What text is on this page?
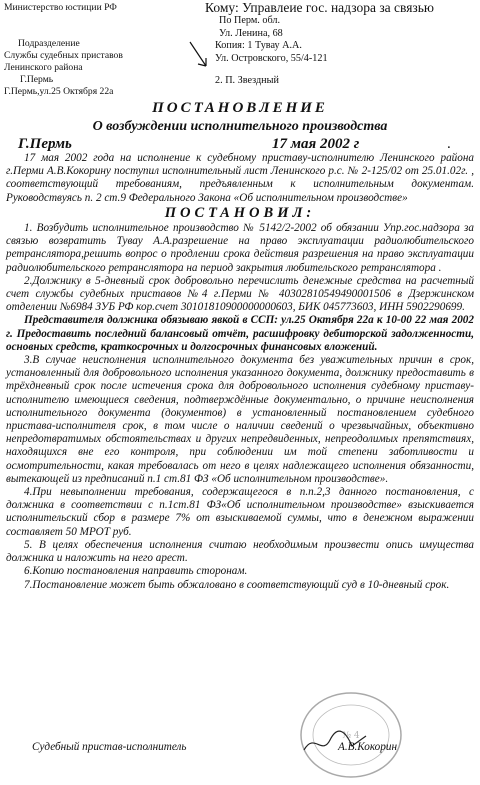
Министерство юстиции РФ
Подразделение
Службы судебных приставов
Ленинского района
Г.Пермь
Г.Пермь,ул.25 Октября 22а
Кому: Управлеие гос. надзора за связью
По Перм. обл.
Ул. Ленина, 68
Копия: 1 Тувау А.А.
Ул. Островского, 55/4-121
2. П. Звездный
ПОСТАНОВЛЕНИЕ
О возбуждении исполнительного производства
Г.Пермь	17 мая 2002 г	.

17 мая 2002 года на исполнение к судебному приставу-исполнителю Ленинского района г.Перми А.В.Кокорину поступил исполнительный лист Ленинского р.с. № 2-125/02 от 25.01.02г. , соответствующий требованиям, предъявленным к исполнительным документам. Руководствуясь п. 2 ст.9 Федерального Закона «Об исполнительном производстве»

ПОСТАНОВИЛ:

1. Возбудить исполнительное производство № 5142/2-2002 об обязании Упр.гос.надзора за связью возвратить Тувау А.А.разрешение на право эксплуатации радиолюбительского ретранслятора,решить вопрос о продлении срока действия разрешения на право эксплуатации радиолюбительского ретранслятора на период закрытия любительского ретранслятора .

2.Должнику в 5-дневный срок добровольно перечислить денежные средства на расчетный счет службы судебных приставов №4 г.Перми № 40302810549490001506 в Дзержинском отделении №6984 ЗУБ РФ кор.счет 30101810900000000603, БИК 045773603, ИНН 5902290699.

Представителя должника обязываю явкой в ССП: ул.25 Октября 22а к 10-00 22 мая 2002 г. Предоставить последний балансовый отчёт, расшифровку дебиторской задолженности, основных средств, краткосрочных и долгосрочных финансовых вложений.

3.В случае неисполнения исполнительного документа без уважительных причин в срок, установленный для добровольного исполнения указанного документа, должнику предоставить в трёхдневный срок после истечения срока для добровольного исполнения судебному приставу-исполнителю имеющиеся сведения, подтверждённые документально, о причине неисполнения исполнительного документа (документов) в установленный постановлением судебного пристава-исполнителя срок, в том числе о наличии сведений о чрезвычайных, объективно непредотвратимых обстоятельствах и других непредвиденных, непреодолимых препятствиях, находящихся вне его контроля, при соблюдении им той степени заботливости и осмотрительности, какая требовалась от него в целях надлежащего исполнения обязанности, вытекающей из предписаний п.1 ст.81 ФЗ «Об исполнительном производстве».

4.При невыполнении требования, содержащегося в п.п.2,3 данного постановления, с должника в соответствии с п.1ст.81 ФЗ«Об исполнительном производстве» взыскивается исполнительский сбор в размере 7% от взыскиваемой суммы, что в денежном выражении составляет 50 МРОТ руб.

5. В целях обеспечения исполнения считаю необходимым произвести опись имущества должника и наложить на него арест.

6.Копию постановления направить сторонам.

7.Постановление может быть обжаловано в соответствующий суд в 10-дневный срок.

№ 4
Судебный пристав-исполнитель	А.В.Кокорин
